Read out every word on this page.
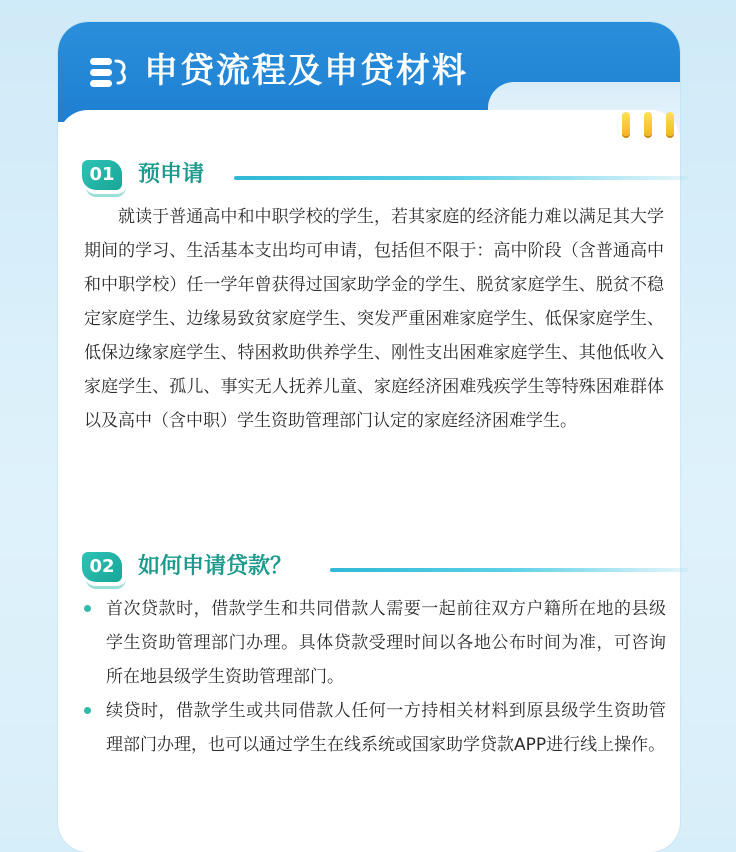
申贷流程及申贷材料
01	预申请
就读于普通高中和中职学校的学生，若其家庭的经济能力难以满足其大学期间的学习、生活基本支出均可申请，包括但不限于：高中阶段（含普通高中和中职学校）任一学年曾获得过国家助学金的学生、脱贫家庭学生、脱贫不稳定家庭学生、边缘易致贫家庭学生、突发严重困难家庭学生、低保家庭学生、低保边缘家庭学生、特困救助供养学生、刚性支出困难家庭学生、其他低收入家庭学生、孤儿、事实无人抚养儿童、家庭经济困难残疾学生等特殊困难群体以及高中（含中职）学生资助管理部门认定的家庭经济困难学生。
02	如何申请贷款？
首次贷款时，借款学生和共同借款人需要一起前往双方户籍所在地的县级学生资助管理部门办理。具体贷款受理时间以各地公布时间为准，可咨询所在地县级学生资助管理部门。
续贷时，借款学生或共同借款人任何一方持相关材料到原县级学生资助管理部门办理，也可以通过学生在线系统或国家助学贷款APP进行线上操作。
